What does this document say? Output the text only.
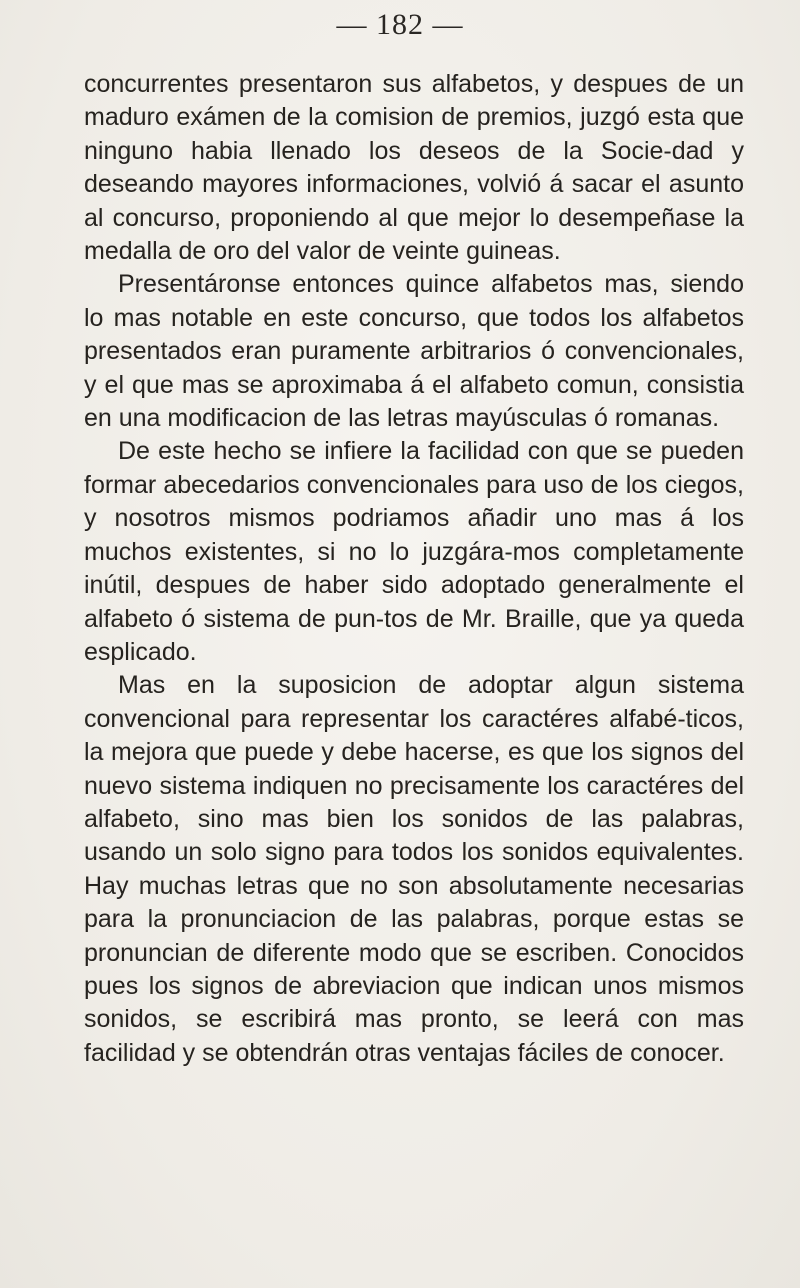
— 182 —

concurrentes presentaron sus alfabetos, y despues de un maduro exámen de la comision de premios, juzgó esta que ninguno habia llenado los deseos de la Socie-dad y deseando mayores informaciones, volvió á sacar el asunto al concurso, proponiendo al que mejor lo desempeñase la medalla de oro del valor de veinte guineas.

Presentáronse entonces quince alfabetos mas, siendo lo mas notable en este concurso, que todos los alfabetos presentados eran puramente arbitrarios ó convencionales, y el que mas se aproximaba á el alfabeto comun, consistia en una modificacion de las letras mayúsculas ó romanas.

De este hecho se infiere la facilidad con que se pueden formar abecedarios convencionales para uso de los ciegos, y nosotros mismos podriamos añadir uno mas á los muchos existentes, si no lo juzgára-mos completamente inútil, despues de haber sido adoptado generalmente el alfabeto ó sistema de pun-tos de Mr. Braille, que ya queda esplicado.

Mas en la suposicion de adoptar algun sistema convencional para representar los caractéres alfabé-ticos, la mejora que puede y debe hacerse, es que los signos del nuevo sistema indiquen no precisamente los caractéres del alfabeto, sino mas bien los sonidos de las palabras, usando un solo signo para todos los sonidos equivalentes. Hay muchas letras que no son absolutamente necesarias para la pronunciacion de las palabras, porque estas se pronuncian de diferente modo que se escriben. Conocidos pues los signos de abreviacion que indican unos mismos sonidos, se escribirá mas pronto, se leerá con mas facilidad y se obtendrán otras ventajas fáciles de conocer.
